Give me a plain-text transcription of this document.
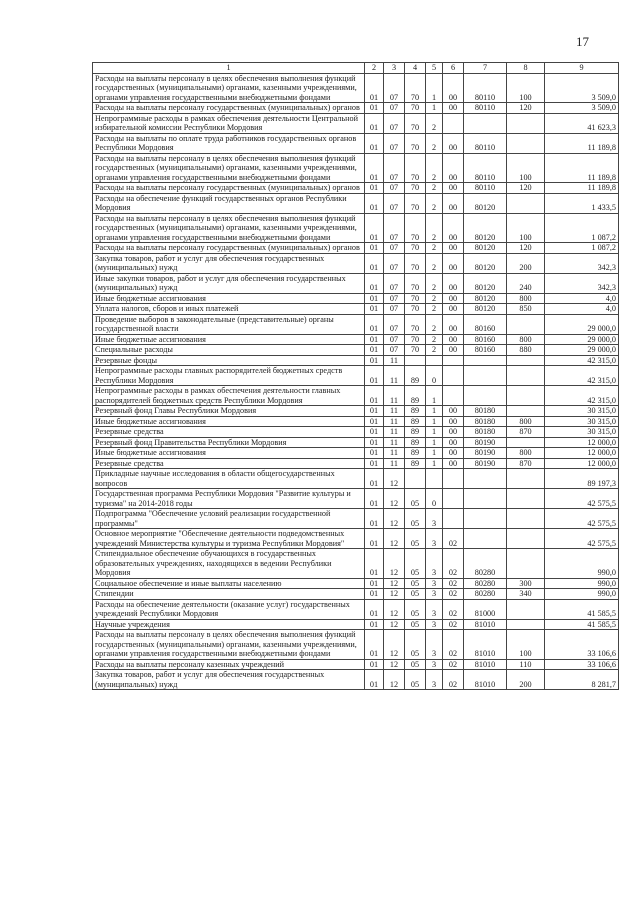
17
1	2	3	4	5	6	7	8	9
Расходы на выплаты персоналу в целях обеспечения выполнения функций государственных (муниципальными) органами, казенными учреждениями, органами управления государственными внебюджетными фондами	01	07	70	1	00	80110	100	3 509,0
Расходы на выплаты персоналу государственных (муниципальных) органов	01	07	70	1	00	80110	120	3 509,0
Непрограммные расходы в рамках обеспечения деятельности Центральной избирательной комиссии Республики Мордовия	01	07	70	2				41 623,3
Расходы на выплаты по оплате труда работников государственных органов Республики Мордовия	01	07	70	2	00	80110		11 189,8
Расходы на выплаты персоналу в целях обеспечения выполнения функций государственных (муниципальными) органами, казенными учреждениями, органами управления государственными внебюджетными фондами	01	07	70	2	00	80110	100	11 189,8
Расходы на выплаты персоналу государственных (муниципальных) органов	01	07	70	2	00	80110	120	11 189,8
Расходы на обеспечение функций государственных органов Республики Мордовия	01	07	70	2	00	80120		1 433,5
Расходы на выплаты персоналу в целях обеспечения выполнения функций государственных (муниципальными) органами, казенными учреждениями, органами управления государственными внебюджетными фондами	01	07	70	2	00	80120	100	1 087,2
Расходы на выплаты персоналу государственных (муниципальных) органов	01	07	70	2	00	80120	120	1 087,2
Закупка товаров, работ и услуг для обеспечения государственных (муниципальных) нужд	01	07	70	2	00	80120	200	342,3
Иные закупки товаров, работ и услуг для обеспечения государственных (муниципальных) нужд	01	07	70	2	00	80120	240	342,3
Иные бюджетные ассигнования	01	07	70	2	00	80120	800	4,0
Уплата налогов, сборов и иных платежей	01	07	70	2	00	80120	850	4,0
Проведение выборов в законодательные (представительные) органы государственной власти	01	07	70	2	00	80160		29 000,0
Иные бюджетные ассигнования	01	07	70	2	00	80160	800	29 000,0
Специальные расходы	01	07	70	2	00	80160	880	29 000,0
Резервные фонды	01	11						42 315,0
Непрограммные расходы главных распорядителей бюджетных средств Республики Мордовия	01	11	89	0				42 315,0
Непрограммные расходы в рамках обеспечения деятельности главных распорядителей бюджетных средств Республики Мордовия	01	11	89	1				42 315,0
Резервный фонд Главы Республики Мордовия	01	11	89	1	00	80180		30 315,0
Иные бюджетные ассигнования	01	11	89	1	00	80180	800	30 315,0
Резервные средства	01	11	89	1	00	80180	870	30 315,0
Резервный фонд Правительства Республики Мордовия	01	11	89	1	00	80190		12 000,0
Иные бюджетные ассигнования	01	11	89	1	00	80190	800	12 000,0
Резервные средства	01	11	89	1	00	80190	870	12 000,0
Прикладные научные исследования в области общегосударственных вопросов	01	12						89 197,3
Государственная программа Республики Мордовия "Развитие культуры и туризма" на 2014-2018 годы	01	12	05	0				42 575,5
Подпрограмма "Обеспечение условий реализации государственной программы"	01	12	05	3				42 575,5
Основное мероприятие "Обеспечение деятельности подведомственных учреждений Министерства культуры и туризма Республики Мордовия"	01	12	05	3	02			42 575,5
Стипендиальное обеспечение обучающихся в государственных образовательных учреждениях, находящихся в ведении Республики Мордовия	01	12	05	3	02	80280		990,0
Социальное обеспечение и иные выплаты населению	01	12	05	3	02	80280	300	990,0
Стипендии	01	12	05	3	02	80280	340	990,0
Расходы на обеспечение деятельности (оказание услуг) государственных учреждений Республики Мордовия	01	12	05	3	02	81000		41 585,5
Научные учреждения	01	12	05	3	02	81010		41 585,5
Расходы на выплаты персоналу в целях обеспечения выполнения функций государственных (муниципальными) органами, казенными учреждениями, органами управления государственными внебюджетными фондами	01	12	05	3	02	81010	100	33 106,6
Расходы на выплаты персоналу казенных учреждений	01	12	05	3	02	81010	110	33 106,6
Закупка товаров, работ и услуг для обеспечения государственных (муниципальных) нужд	01	12	05	3	02	81010	200	8 281,7
